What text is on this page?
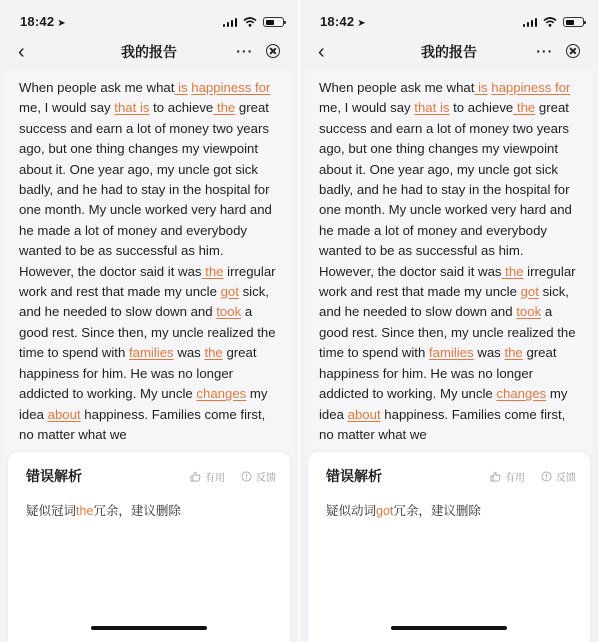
18:42 ➤
‹	我的报告	···
When people ask me what is happiness for me, I would say that is to achieve the great success and earn a lot of money two years ago, but one thing changes my viewpoint about it. One year ago, my uncle got sick badly, and he had to stay in the hospital for one month. My uncle worked very hard and he made a lot of money and everybody wanted to be as successful as him. However, the doctor said it was the irregular work and rest that made my uncle got sick, and he needed to slow down and took a good rest. Since then, my uncle realized the time to spend with families was the great happiness for him. He was no longer addicted to working. My uncle changes my idea about happiness. Families come first, no matter what we
错误解析	有用	反馈
疑似冠词the冗余，建议删除
18:42 ➤
‹	我的报告	···
When people ask me what is happiness for me, I would say that is to achieve the great success and earn a lot of money two years ago, but one thing changes my viewpoint about it. One year ago, my uncle got sick badly, and he had to stay in the hospital for one month. My uncle worked very hard and he made a lot of money and everybody wanted to be as successful as him. However, the doctor said it was the irregular work and rest that made my uncle got sick, and he needed to slow down and took a good rest. Since then, my uncle realized the time to spend with families was the great happiness for him. He was no longer addicted to working. My uncle changes my idea about happiness. Families come first, no matter what we
错误解析	有用	反馈
疑似动词got冗余，建议删除
